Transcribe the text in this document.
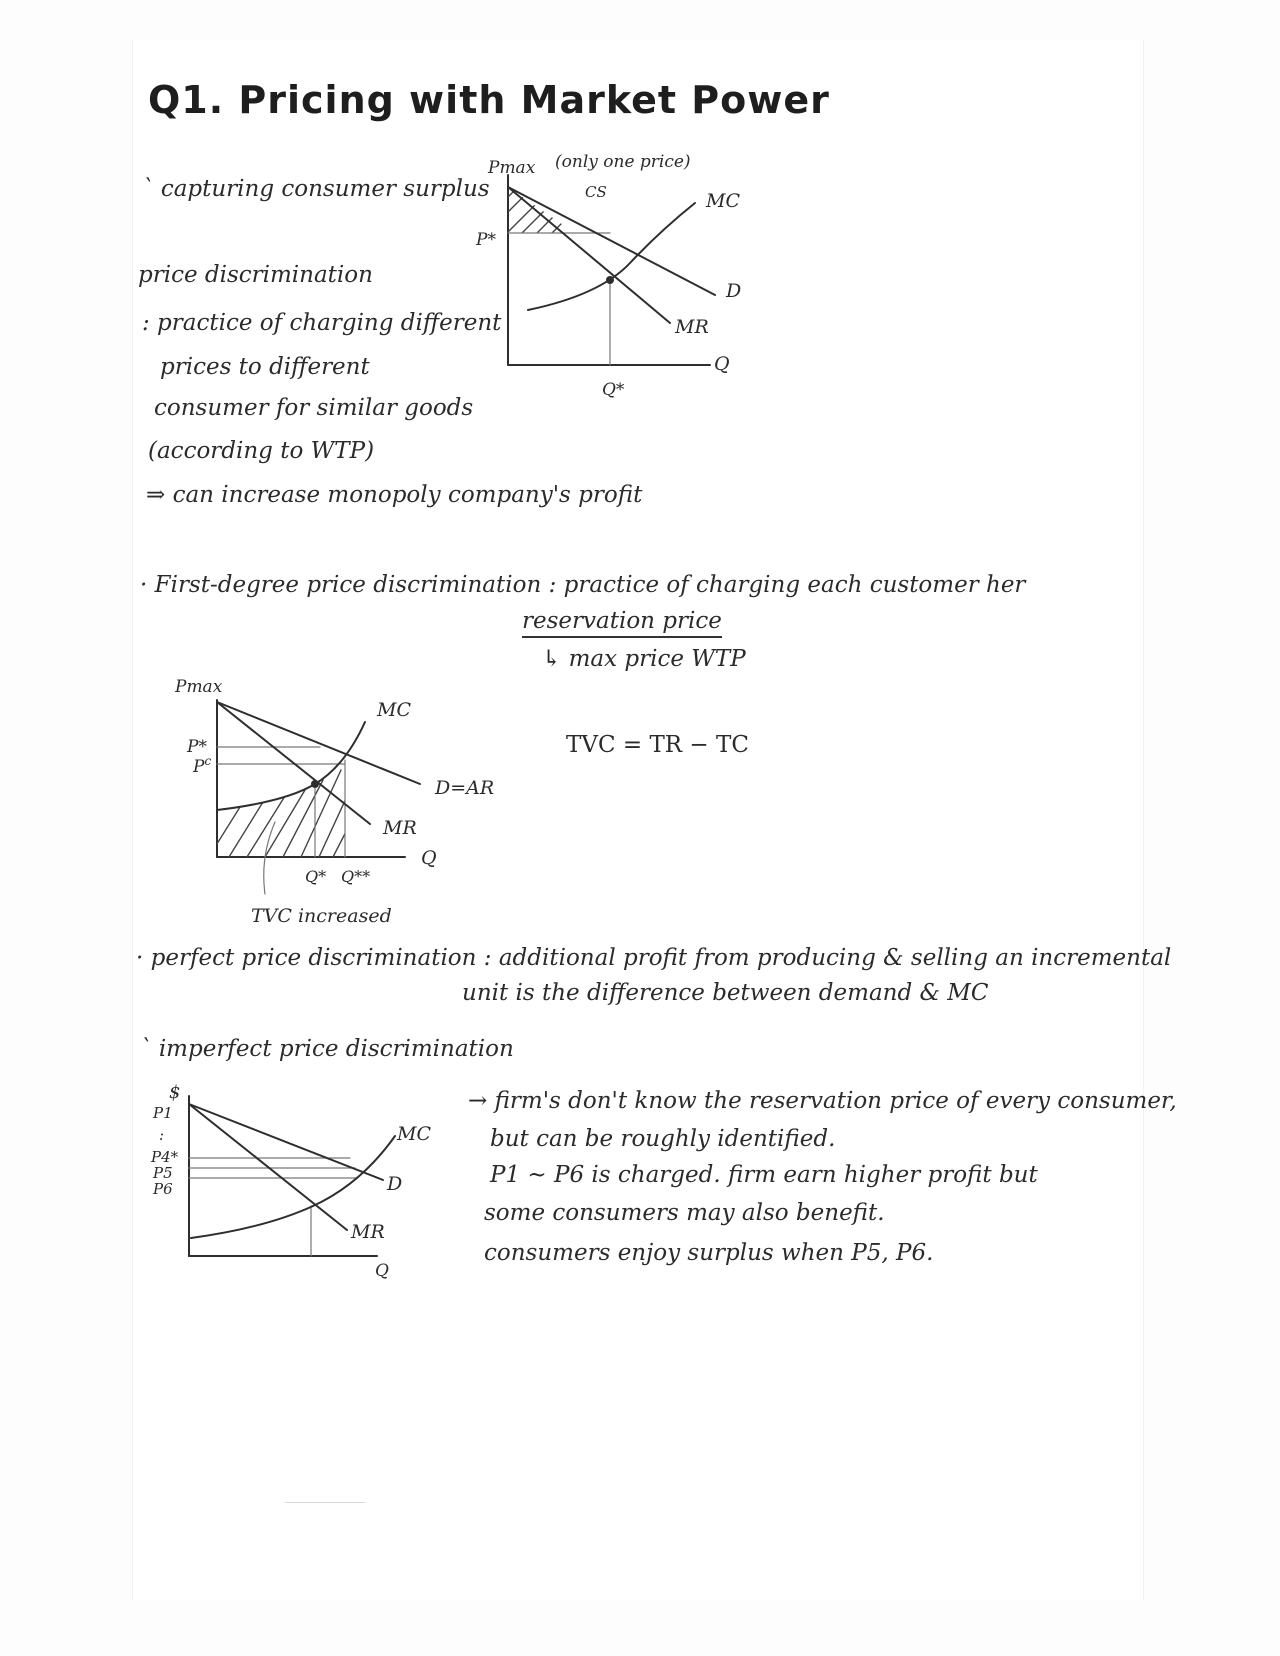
Q1. Pricing with Market Power
ˋ capturing consumer surplus
price discrimination
: practice of charging different
prices to different
consumer for similar goods
(according to WTP)
⇒ can increase monopoly company's profit
Pmax (only one price)
CS
P*
MC
D
MR
Q
Q*
· First-degree price discrimination : practice of charging each customer her
reservation price
↳ max price WTP
TVC = TR − TC
Pmax
P*
$P^c$
MC
D=AR
MR
Q
Q* Q**
TVC increased
· perfect price discrimination : additional profit from producing & selling an incremental
unit is the difference between demand & MC
ˋ imperfect price discrimination
$
P1
:
P4*
P5
P6
MC
D
MR
Q
→ firm's don't know the reservation price of every consumer,
but can be roughly identified.
P1 ~ P6 is charged. firm earn higher profit but
some consumers may also benefit.
consumers enjoy surplus when P5, P6.
